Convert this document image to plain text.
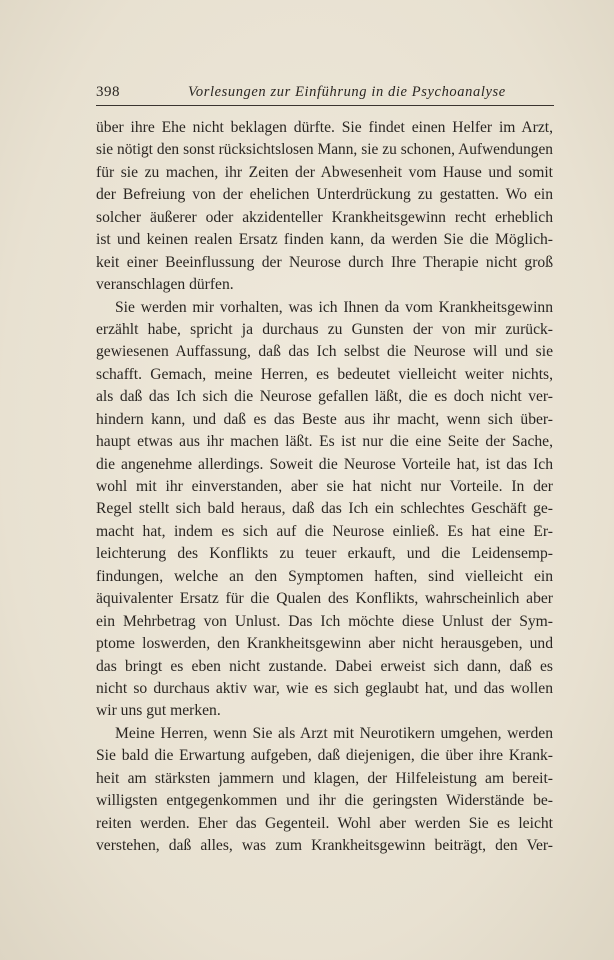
398	Vorlesungen zur Einführung in die Psychoanalyse
über ihre Ehe nicht beklagen dürfte. Sie findet einen Helfer im Arzt,
sie nötigt den sonst rücksichtslosen Mann, sie zu schonen, Aufwendungen
für sie zu machen, ihr Zeiten der Abwesenheit vom Hause und somit
der Befreiung von der ehelichen Unterdrückung zu gestatten. Wo ein
solcher äußerer oder akzidenteller Krankheitsgewinn recht erheblich
ist und keinen realen Ersatz finden kann, da werden Sie die Möglich-
keit einer Beeinflussung der Neurose durch Ihre Therapie nicht groß
veranschlagen dürfen.
Sie werden mir vorhalten, was ich Ihnen da vom Krankheitsgewinn
erzählt habe, spricht ja durchaus zu Gunsten der von mir zurück-
gewiesenen Auffassung, daß das Ich selbst die Neurose will und sie
schafft. Gemach, meine Herren, es bedeutet vielleicht weiter nichts,
als daß das Ich sich die Neurose gefallen läßt, die es doch nicht ver-
hindern kann, und daß es das Beste aus ihr macht, wenn sich über-
haupt etwas aus ihr machen läßt. Es ist nur die eine Seite der Sache,
die angenehme allerdings. Soweit die Neurose Vorteile hat, ist das Ich
wohl mit ihr einverstanden, aber sie hat nicht nur Vorteile. In der
Regel stellt sich bald heraus, daß das Ich ein schlechtes Geschäft ge-
macht hat, indem es sich auf die Neurose einließ. Es hat eine Er-
leichterung des Konflikts zu teuer erkauft, und die Leidensemp-
findungen, welche an den Symptomen haften, sind vielleicht ein
äquivalenter Ersatz für die Qualen des Konflikts, wahrscheinlich aber
ein Mehrbetrag von Unlust. Das Ich möchte diese Unlust der Sym-
ptome loswerden, den Krankheitsgewinn aber nicht herausgeben, und
das bringt es eben nicht zustande. Dabei erweist sich dann, daß es
nicht so durchaus aktiv war, wie es sich geglaubt hat, und das wollen
wir uns gut merken.
Meine Herren, wenn Sie als Arzt mit Neurotikern umgehen, werden
Sie bald die Erwartung aufgeben, daß diejenigen, die über ihre Krank-
heit am stärksten jammern und klagen, der Hilfeleistung am bereit-
willigsten entgegenkommen und ihr die geringsten Widerstände be-
reiten werden. Eher das Gegenteil. Wohl aber werden Sie es leicht
verstehen, daß alles, was zum Krankheitsgewinn beiträgt, den Ver-
